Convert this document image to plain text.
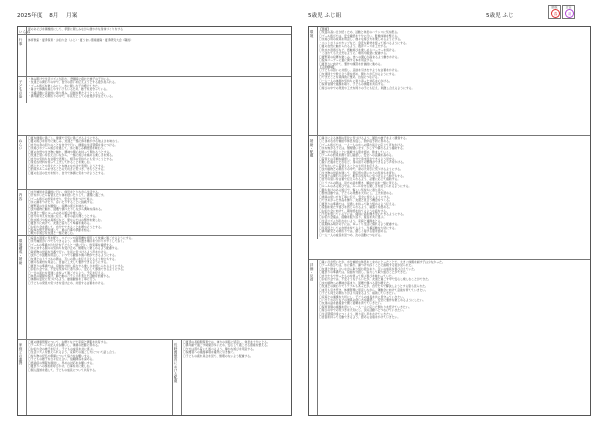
2025年度 8月 月案
ねらい
夏のあそびを積極的にして、季節に親しみながら健やかな身体づくりをする
行事 体育教室・夏季保育・お泊り会（ふじ）・夏うまい環境掃除・夏季研究大会（職員）
子どもの姿
・休み明けで生活リズムが乱れ、登園時に疲れた様子の子がいる。
・友達との関わりの中で、自分の思いを伝えようとする姿が見られる。
・プール遊びを楽しみにし、水に親しむ子が増えてきた。
・暑さで体調を崩しやすい子もいるため、様子を見守っている。
・当番活動に意欲的に取り組み、役割を果たそうとしている。
・異年齢児との関わりの中で、年長児としての自覚が芽生えている。
ねらい
〇夏を健康に過ごし、健康で元気に過ごせるようにする。
〇夏の遊びを存分に楽しみ、友達と一緒に体を動かす心地よさを味わう。
〇自分の身の回りのことを自分で行い、健康な生活習慣を身につける。
〇水遊びやプール遊びを通して、水に親しみ開放感を味わう。
〇夏の自然や生き物に触れ、興味や関心を持って関わろうとする。
〇友達と思いを伝え合いながら、一緒に遊びを進める楽しさを知る。
〇自分の気持ちを言葉で表現し、相手の気持ちにも気づこうとする。
〇身近な材料を使って工夫して作ることを楽しむ。
〇感じたことや考えたことを様々な方法で表現しようとする。
〇約束やルールを守ることの大切さに気づき、守ろうとする。
〇夏の生活の仕方を知り、自分で体調に気をつけようとする。
内容
〇水分補給を意識的に行い、休息をとりながら生活する。
〇汗をかいたら着替えたり体を拭いたりして、清潔に過ごす。
〇プール遊びの約束を守り、安全に気をつけて遊ぶ。
〇水に顔をつけたり、浮いたりすることに挑戦する。
〇夏野菜の生長を観察し、収穫の喜びを味わう。
〇虫や植物に触れ、図鑑で調べたりしながら興味を深める。
〇友達と一緒にルールのある遊びを楽しむ。
〇自分の考えを友達に伝え、相手の話も聞こうとする。
〇色水遊びや絵の具遊びなど、夏ならではの製作を楽しむ。
〇夏祭りに向けて、友達と協力して準備を進める。
〇お泊り会を通して、自分でできることを増やそうとする。
〇絵本や紙芝居を通して、夏の行事や季節を知る。
〇歌や手遊びを友達と一緒に楽しむ。
環境構成・援助
〇室温や湿度に気を配り、エアコンや扇風機を使用して快適に過ごせるようにする。
〇水分補給がいつでもできるよう、水筒の置き場所を分かりやすくしておく。
〇プールの準備や片付けを子どもと一緒に行い、約束事を確認する。
〇水に対する個々の気持ちを受け止め、無理なく楽しめるよう配慮する。
〇栽培物の世話を当番で行い、生長に気づけるよう声をかける。
〇虫かごや図鑑を用意し、いつでも観察や調べ物ができるようにする。
〇友達とのトラブルの際は、互いの思いを伝え合えるよう仲立ちする。
〇様々な素材を用意し、自由に工夫して製作できるようにする。
〇夏祭りの準備では、役割を分担し協力する楽しさを感じられるようにする。
〇お泊り会では、不安な気持ちに寄り添い、安心して参加できるようにする。
〇一日の流れを見通しを持って過ごせるよう、予定を伝える。
〇休息の時間を設け、静と動のバランスを考えた活動を計画する。
〇体調の変化に気づけるよう、健康観察を丁寧に行う。
〇子どもの発見や気づきを受け止め、共感する言葉をかける。
家庭との連携
〇夏の健康管理について、お便りなどで家庭と情報を共有する。
〇プールカードの記入をお願いし、体調の把握に努める。
〇お泊り会の様子を伝え、子どもの成長を共に喜ぶ。
〇生活リズムを整えられるよう、家庭での過ごし方について話し合う。
〇持ち物の記名や準備について協力をお願いする。
〇子どもの様子を日々伝え合い、信頼関係を深める。
〇感染症の情報を提供し、早めの対応をお願いする。
〇夏祭りへの参加を呼びかけ、行事を共に楽しむ。
〇個人面談を通して、子どもの成長について共有する。	長時間保育における配慮
〇夏季の長時間保育では、体力の消耗に留意し、休息を十分にとる。
〇異年齢で過ごす時間が多いため、安心して過ごせる環境を整える。
〇夕方は落ち着いて遊べるよう、静かな遊びを用意する。
〇保護者への連絡事項を確実に引き継ぐ。
〇子どもの疲れ具合を見て、無理のないよう配慮する。
5歳児 ふじ組	5歳児 ふじ
園長
春
主任
羽
環境
【環境】
〇気温の高い日が続くため、活動と休息のバランスに気を配る。
〇プール遊びでは、安全確認を十分に行い、監視体制を整える。
〇水遊び用の玩具を用意し、様々な遊び方を楽しめるようにする。
・ペットボトルやカップなど、身近な素材を使って遊べるようにする。
〇夏の自然に触れられるよう、散歩コースを工夫する。
〇色水や泡遊びなど、感触遊びを楽しめるコーナーを設ける。
・こぼれても大丈夫なように、場所や服装に配慮する。
〇夏野菜の収穫を楽しみ、食への関心が高まるよう働きかける。
〇絵本コーナーに夏に関する本を用意する。
〇夏祭りに向けて、製作や練習を計画的に進める。
【人的環境】
〇子どもの思いに共感し、意欲を引き出すような言葉をかける。
〇友達同士で教え合う姿を認め、関わりが広がるようにする。
〇できたことを具体的に褒め、自信につなげる。
〇一人一人の体調や気持ちに寄り添った対応を心がける。
〇保育者間で連携を取り、子どもの情報を共有する。
〇遊びの中での発見や工夫を周りの子にも伝え、刺激し合えるようにする。
援助・配慮
〇暑さによる体調の変化に気づけるよう、顔色や様子をよく観察する。
〇こまめな水分補給や休息を促し、熱中症予防に努める。
〇プール遊びでは、一人一人の水への慣れ具合に応じて声をかける。
〇水を怖がる子には、無理強いせず、少しずつ慣れるよう援助する。
〇顔つけや潜ることに挑戦する姿を認め、励ましていく。
〇プールの約束を繰り返し確認し、安全への意識を高める。
〇着替えの手順を確認し、自分で身支度ができるよう見守る。
〇脱いだ服をたたむなど、身の回りの整理ができるよう声をかける。
〇汗をかいたら着替えることの大切さを伝える。
〇虫や植物との関わりの中で、命の大切さに気づけるようにする。
〇生き物の世話を通して、責任感や思いやりの気持ちを育む。
〇友達との関わりの中で、相手の気持ちに気づけるよう仲立ちする。
〇自分の思いを言葉で伝えられるよう、必要に応じて援助する。
〇トラブルの際は、双方の話を聞き、解決方法を一緒に考える。
〇ルールのある遊びでは、ルールを守る楽しさを感じられるようにする。
〇勝ち負けのある遊びで、悔しい気持ちに寄り添う。
〇製作活動では、子どもの発想を大切にし、工夫を認める。
〇道具の使い方を丁寧に伝え、安全に使えるようにする。
〇できあがった作品を飾り、友達と見合う機会をつくる。
〇夏祭りの準備では、見通しを持って取り組めるよう伝える。
〇役割を果たす喜びを感じられるよう、頑張りを認める。
〇お泊り会に向けて、期待感を持てるような話をする。
〇不安を感じている子には、個別に話を聞き安心できるようにする。
〇お泊り会後は、経験を振り返り、成長を共に喜ぶ。
〇生活リズムが乱れないよう、家庭と連携をとる。
〇長期休み明けの子には、ゆっくり生活に慣れるよう配慮する。
〇年長児としての自覚を持てるよう、当番活動を大切にする。
〇異年齢児との関わりでは、優しく接する姿を認める。
〇一人一人の成長を見つめ、次の活動につなげる。
評価・反省
〇暑い日が続いたが、水分補給や休息をこまめにとったことで、大きく体調を崩す子は少なかった。
〇プール遊びでは、水に慣れ、顔つけや浮くことに挑戦する姿が見られた。
〇友達と励まし合いながら取り組む姿があり、互いの成長を喜び合えていた。
〇夏祭りの準備では、役割を分担し、協力して取り組むことができた。
〇自分たちで作ったものを使って遊ぶ喜びを味わっていた。
〇お泊り会では、不安そうな子もいたが、友達と過ごす中で安心し楽しむことができた。
〇虫や植物への興味が高まり、図鑑で調べる姿が増えた。
〇友達との関わりでトラブルもあったが、自分たちで解決しようとする姿も見られた。
〇来月も引き続き、体調管理に留意しながら、運動会に向けて意欲を育てていきたい。
〇子ども同士の関わりがより深まるよう、援助していきたい。
〇家庭との連携を大切にし、子どもの成長を共に見守っていきたい。
〇ハサミやのりなどの道具の使い方を確認し、安全に製作を楽しめるようにしたい。
〇友達の話を最後まで聞く姿勢を育てていきたい。
〇保育者間の連携を密にし、一人一人に応じた関わりを続けていきたい。
〇遊びの中での気づきを大切にし、次の活動へとつなげていきたい。
〇生活習慣が身につくよう、繰り返し声をかけていきたい。
〇自信を持って行動できるよう、認める言葉をかけていきたい。
